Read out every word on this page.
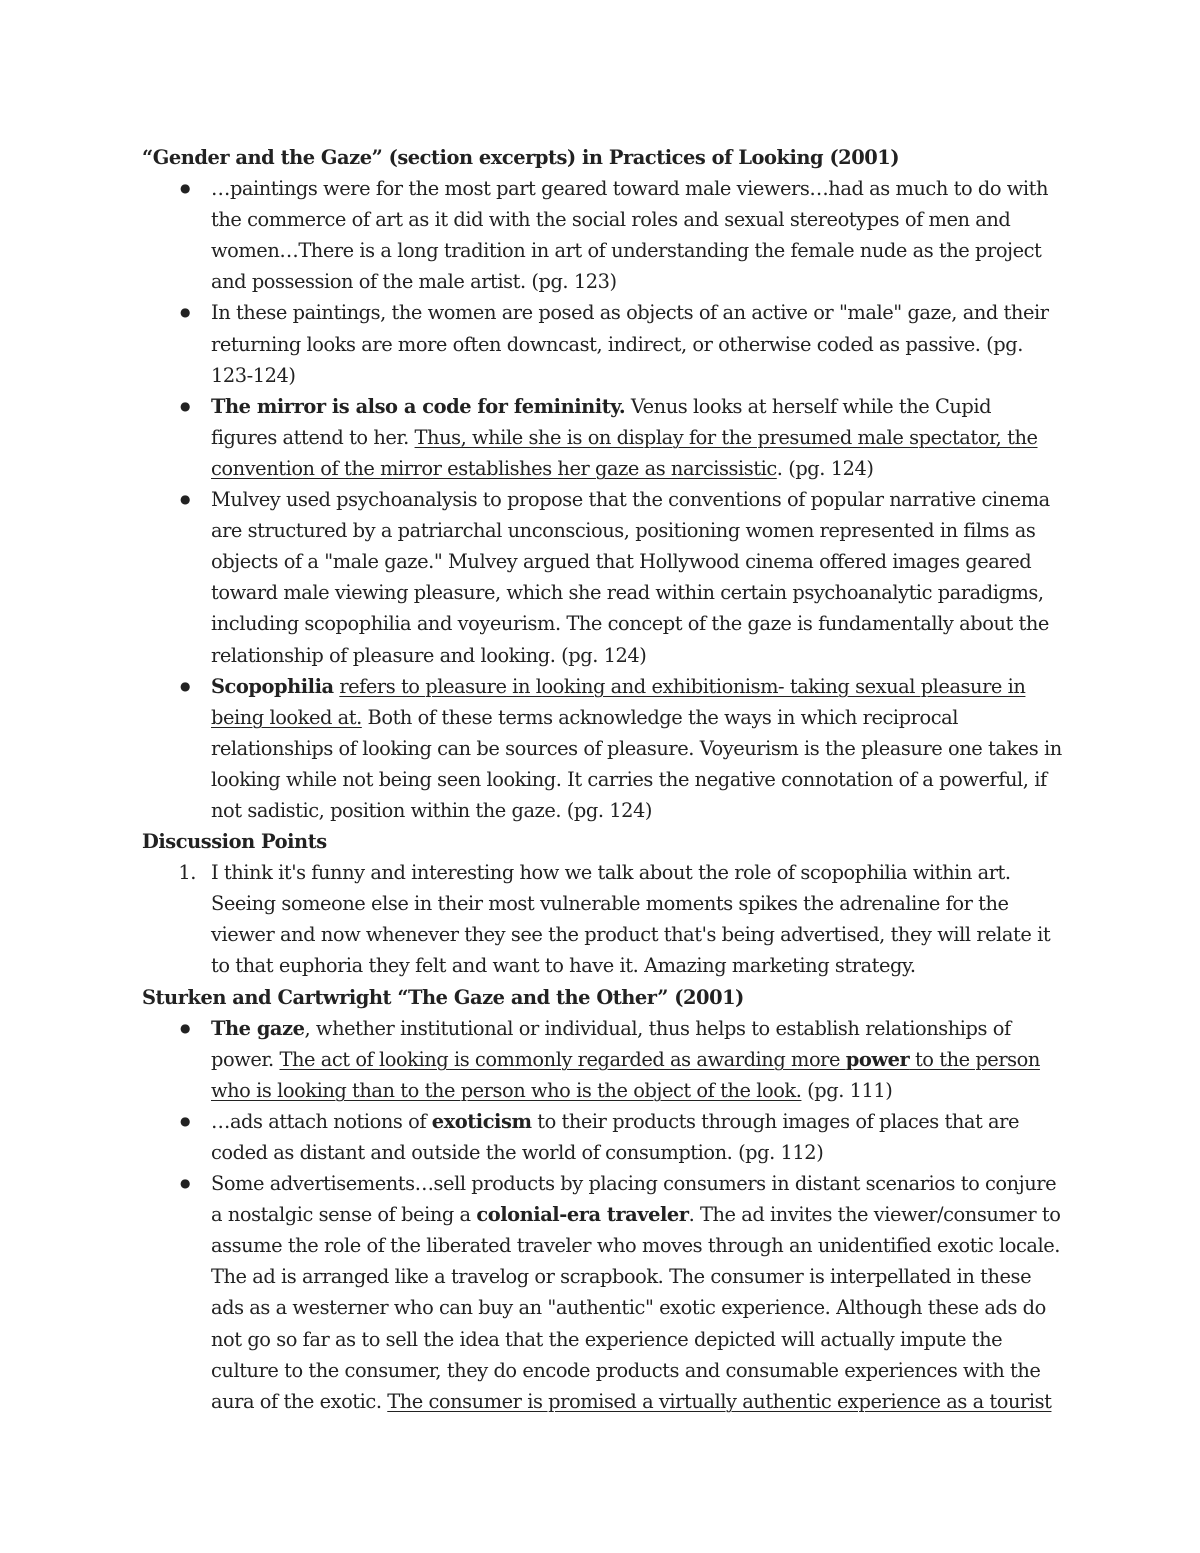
“Gender and the Gaze” (section excerpts) in Practices of Looking (2001)

●	…paintings were for the most part geared toward male viewers…had as much to do with the commerce of art as it did with the social roles and sexual stereotypes of men and women…There is a long tradition in art of understanding the female nude as the project and possession of the male artist. (pg. 123)
●	In these paintings, the women are posed as objects of an active or "male" gaze, and their returning looks are more often downcast, indirect, or otherwise coded as passive. (pg. 123-124)
●	The mirror is also a code for femininity. Venus looks at herself while the Cupid figures attend to her. Thus, while she is on display for the presumed male spectator, the convention of the mirror establishes her gaze as narcissistic. (pg. 124)
●	Mulvey used psychoanalysis to propose that the conventions of popular narrative cinema are structured by a patriarchal unconscious, positioning women represented in films as objects of a "male gaze." Mulvey argued that Hollywood cinema offered images geared toward male viewing pleasure, which she read within certain psychoanalytic paradigms, including scopophilia and voyeurism. The concept of the gaze is fundamentally about the relationship of pleasure and looking. (pg. 124)
●	Scopophilia refers to pleasure in looking and exhibitionism- taking sexual pleasure in being looked at. Both of these terms acknowledge the ways in which reciprocal relationships of looking can be sources of pleasure. Voyeurism is the pleasure one takes in looking while not being seen looking. It carries the negative connotation of a powerful, if not sadistic, position within the gaze. (pg. 124)

Discussion Points

1. I think it's funny and interesting how we talk about the role of scopophilia within art. Seeing someone else in their most vulnerable moments spikes the adrenaline for the viewer and now whenever they see the product that's being advertised, they will relate it to that euphoria they felt and want to have it. Amazing marketing strategy.

Sturken and Cartwright “The Gaze and the Other” (2001)

●	The gaze, whether institutional or individual, thus helps to establish relationships of power. The act of looking is commonly regarded as awarding more power to the person who is looking than to the person who is the object of the look. (pg. 111)
●	…ads attach notions of exoticism to their products through images of places that are coded as distant and outside the world of consumption. (pg. 112)
●	Some advertisements…sell products by placing consumers in distant scenarios to conjure a nostalgic sense of being a colonial-era traveler. The ad invites the viewer/consumer to assume the role of the liberated traveler who moves through an unidentified exotic locale. The ad is arranged like a travelog or scrapbook. The consumer is interpellated in these ads as a westerner who can buy an "authentic" exotic experience. Although these ads do not go so far as to sell the idea that the experience depicted will actually impute the culture to the consumer, they do encode products and consumable experiences with the aura of the exotic. The consumer is promised a virtually authentic experience as a tourist
